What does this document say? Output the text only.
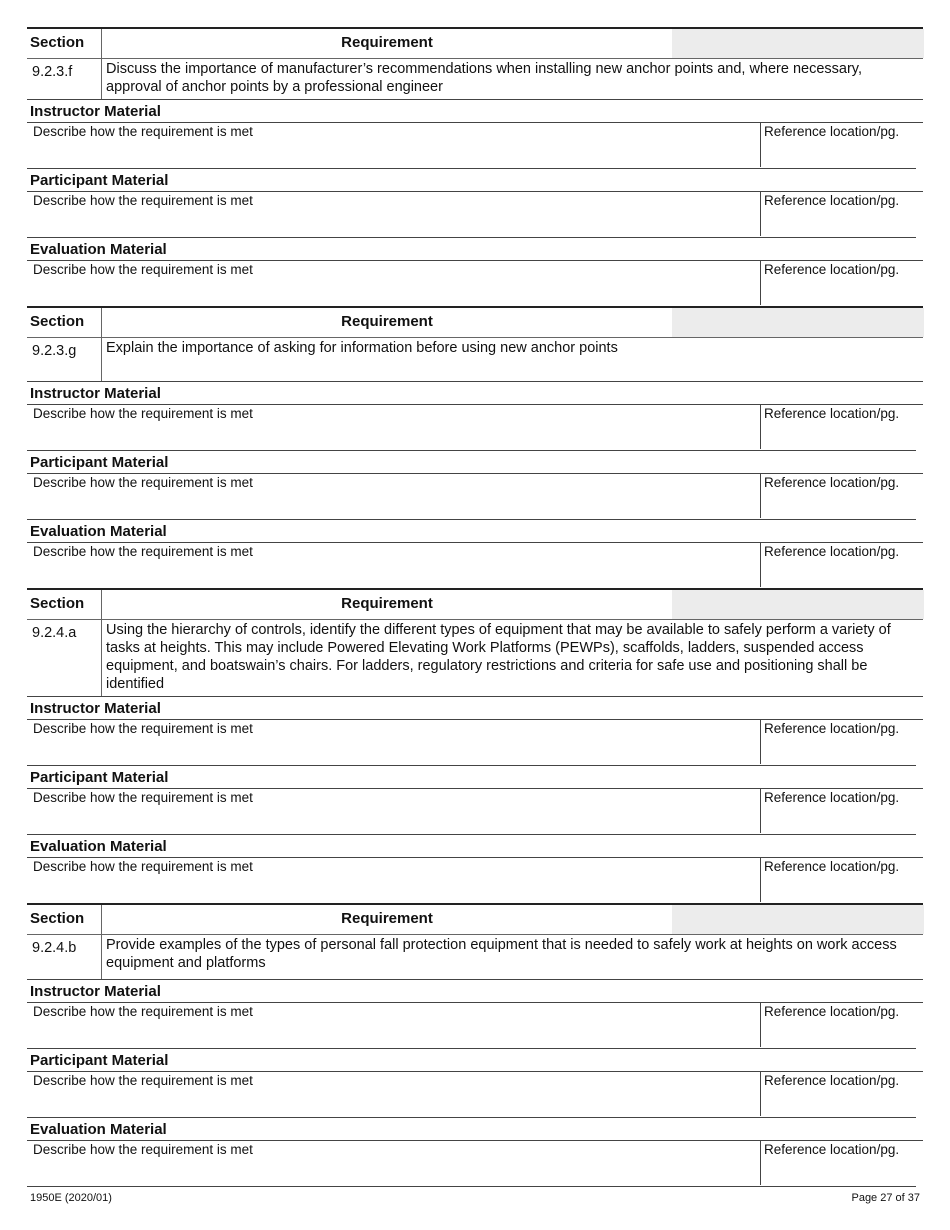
Section	Requirement
9.2.3.f	Discuss the importance of manufacturer’s recommendations when installing new anchor points and, where necessary, approval of anchor points by a professional engineer
Instructor Material
Describe how the requirement is met	Reference location/pg.
Participant Material
Describe how the requirement is met	Reference location/pg.
Evaluation Material
Describe how the requirement is met	Reference location/pg.
Section	Requirement
9.2.3.g	Explain the importance of asking for information before using new anchor points
Instructor Material
Describe how the requirement is met	Reference location/pg.
Participant Material
Describe how the requirement is met	Reference location/pg.
Evaluation Material
Describe how the requirement is met	Reference location/pg.
Section	Requirement
9.2.4.a	Using the hierarchy of controls, identify the different types of equipment that may be available to safely perform a variety of tasks at heights. This may include Powered Elevating Work Platforms (PEWPs), scaffolds, ladders, suspended access equipment, and boatswain’s chairs. For ladders, regulatory restrictions and criteria for safe use and positioning shall be identified
Instructor Material
Describe how the requirement is met	Reference location/pg.
Participant Material
Describe how the requirement is met	Reference location/pg.
Evaluation Material
Describe how the requirement is met	Reference location/pg.
Section	Requirement
9.2.4.b	Provide examples of the types of personal fall protection equipment that is needed to safely work at heights on work access equipment and platforms
Instructor Material
Describe how the requirement is met	Reference location/pg.
Participant Material
Describe how the requirement is met	Reference location/pg.
Evaluation Material
Describe how the requirement is met	Reference location/pg.
1950E (2020/01)	Page 27 of 37
